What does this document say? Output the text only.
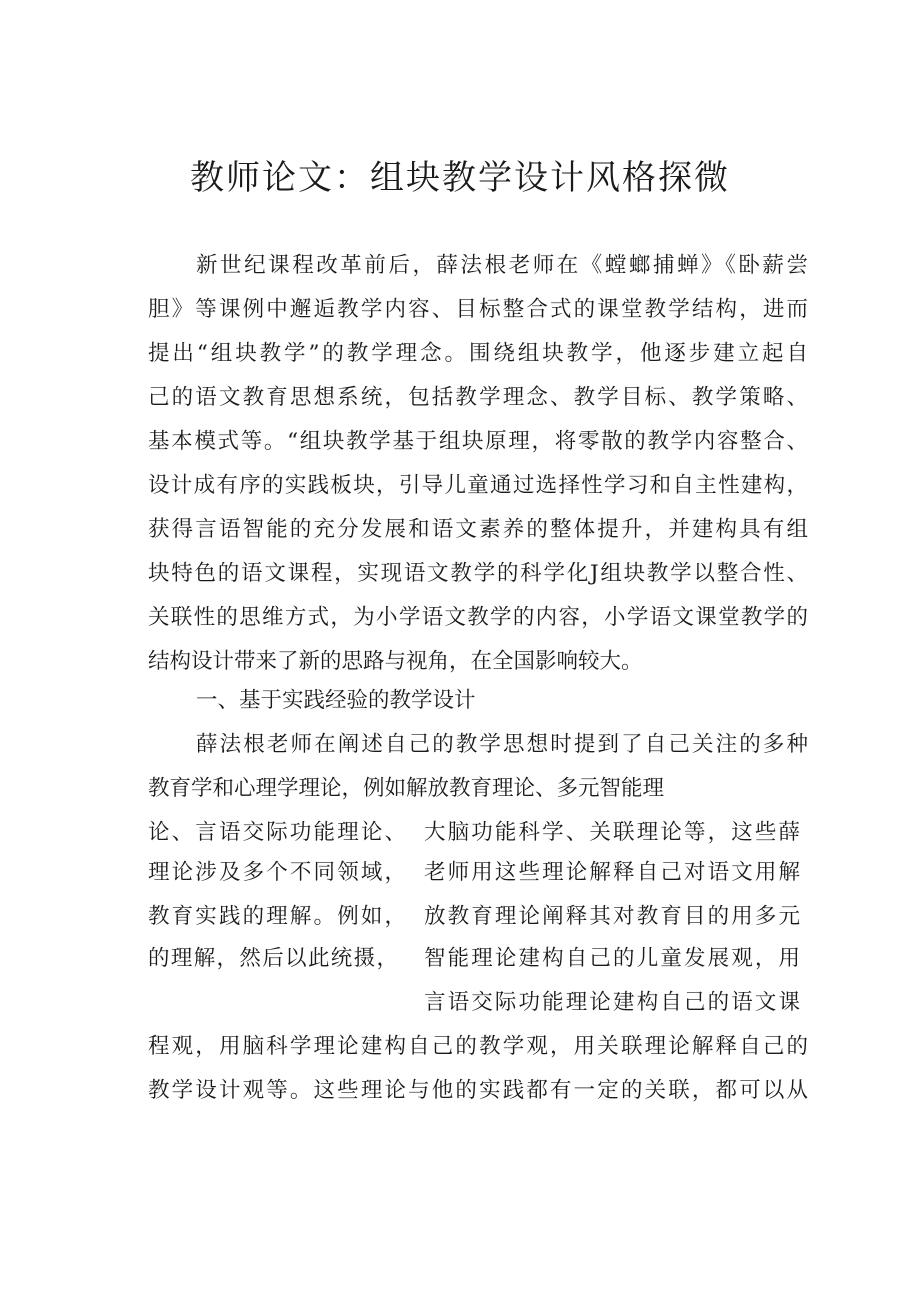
教师论文：组块教学设计风格探微
新世纪课程改革前后，薛法根老师在《螳螂捕蝉》《卧薪尝
胆》等课例中邂逅教学内容、目标整合式的课堂教学结构，进而
提出“组块教学”的教学理念。围绕组块教学，他逐步建立起自
己的语文教育思想系统，包括教学理念、教学目标、教学策略、
基本模式等。“组块教学基于组块原理，将零散的教学内容整合、
设计成有序的实践板块，引导儿童通过选择性学习和自主性建构，
获得言语智能的充分发展和语文素养的整体提升，并建构具有组
块特色的语文课程，实现语文教学的科学化J组块教学以整合性、
关联性的思维方式，为小学语文教学的内容，小学语文课堂教学的
结构设计带来了新的思路与视角，在全国影响较大。
一、基于实践经验的教学设计
薛法根老师在阐述自己的教学思想时提到了自己关注的多种
教育学和心理学理论，例如解放教育理论、多元智能理
论、言语交际功能理论、
理论涉及多个不同领域，
教育实践的理解。例如，
的理解，然后以此统摄，
大脑功能科学、关联理论等，这些薛
老师用这些理论解释自己对语文用解
放教育理论阐释其对教育目的用多元
智能理论建构自己的儿童发展观，用
言语交际功能理论建构自己的语文课
程观，用脑科学理论建构自己的教学观，用关联理论解释自己的
教学设计观等。这些理论与他的实践都有一定的关联，都可以从
